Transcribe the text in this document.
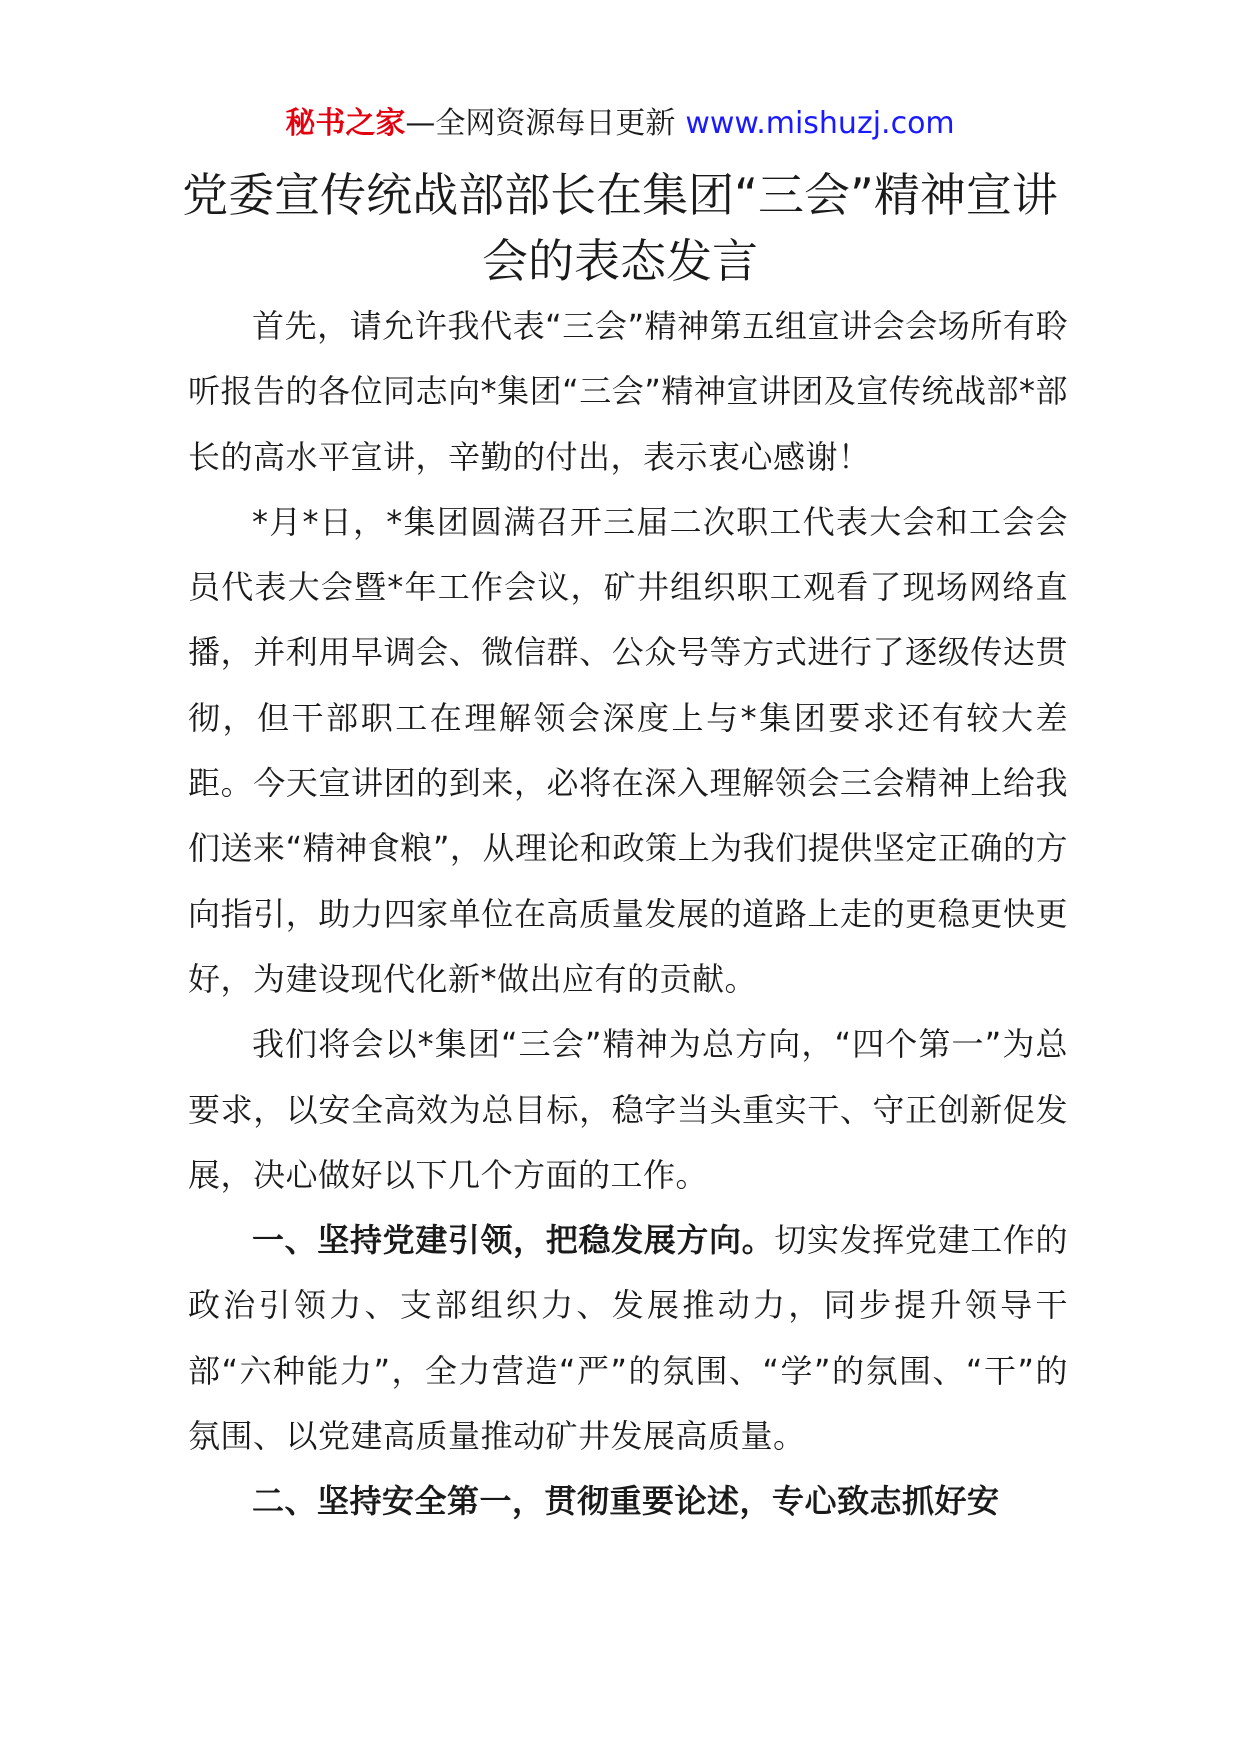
秘书之家—全网资源每日更新 www.mishuzj.com
党委宣传统战部部长在集团“三会”精神宣讲会的表态发言

首先，请允许我代表“三会”精神第五组宣讲会会场所有聆听报告的各位同志向*集团“三会”精神宣讲团及宣传统战部*部长的高水平宣讲，辛勤的付出，表示衷心感谢！

*月*日，*集团圆满召开三届二次职工代表大会和工会会员代表大会暨*年工作会议，矿井组织职工观看了现场网络直播，并利用早调会、微信群、公众号等方式进行了逐级传达贯彻，但干部职工在理解领会深度上与*集团要求还有较大差距。今天宣讲团的到来，必将在深入理解领会三会精神上给我们送来“精神食粮”，从理论和政策上为我们提供坚定正确的方向指引，助力四家单位在高质量发展的道路上走的更稳更快更好，为建设现代化新*做出应有的贡献。

我们将会以*集团“三会”精神为总方向，“四个第一”为总要求，以安全高效为总目标，稳字当头重实干、守正创新促发展，决心做好以下几个方面的工作。

一、坚持党建引领，把稳发展方向。切实发挥党建工作的政治引领力、支部组织力、发展推动力，同步提升领导干部“六种能力”，全力营造“严”的氛围、“学”的氛围、“干”的氛围、以党建高质量推动矿井发展高质量。

二、坚持安全第一，贯彻重要论述，专心致志抓好安
